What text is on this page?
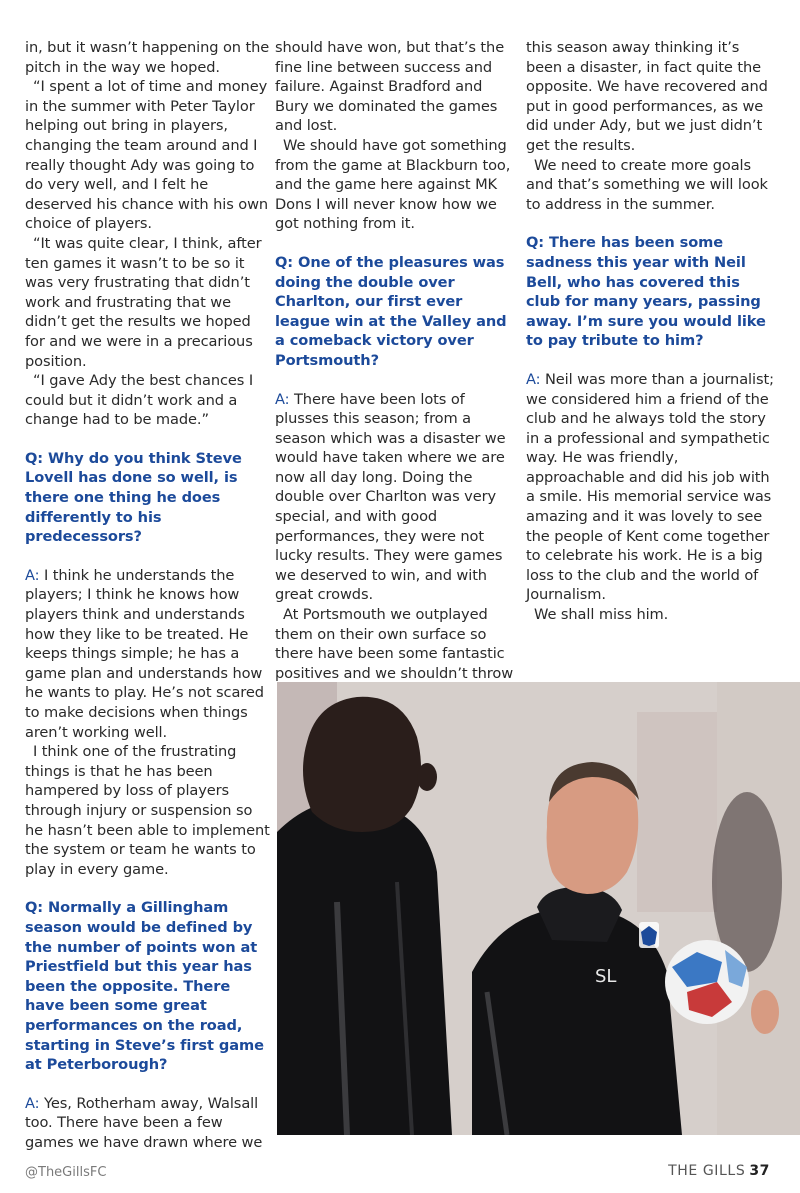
in, but it wasn’t happening on the pitch in the way we hoped.

“I spent a lot of time and money in the summer with Peter Taylor helping out bring in players, changing the team around and I really thought Ady was going to do very well, and I felt he deserved his chance with his own choice of players.

“It was quite clear, I think, after ten games it wasn’t to be so it was very frustrating that didn’t work and frustrating that we didn’t get the results we hoped for and we were in a precarious position.

“I gave Ady the best chances I could but it didn’t work and a change had to be made.”

Q: Why do you think Steve Lovell has done so well, is there one thing he does differently to his predecessors?

A: I think he understands the players; I think he knows how players think and understands how they like to be treated. He keeps things simple; he has a game plan and understands how he wants to play. He’s not scared to make decisions when things aren’t working well.

I think one of the frustrating things is that he has been hampered by loss of players through injury or suspension so he hasn’t been able to implement the system or team he wants to play in every game.

Q: Normally a Gillingham season would be defined by the number of points won at Priestfield but this year has been the opposite. There have been some great performances on the road, starting in Steve’s first game at Peterborough?

A: Yes, Rotherham away, Walsall too. There have been a few games we have drawn where we

should have won, but that’s the fine line between success and failure. Against Bradford and Bury we dominated the games and lost.

We should have got something from the game at Blackburn too, and the game here against MK Dons I will never know how we got nothing from it.

Q: One of the pleasures was doing the double over Charlton, our first ever league win at the Valley and a comeback victory over Portsmouth?

A: There have been lots of plusses this season; from a season which was a disaster we would have taken where we are now all day long. Doing the double over Charlton was very special, and with good performances, they were not lucky results. They were games we deserved to win, and with great crowds.

At Portsmouth we outplayed them on their own surface so there have been some fantastic positives and we shouldn’t throw

this season away thinking it’s been a disaster, in fact quite the opposite. We have recovered and put in good performances, as we did under Ady, but we just didn’t get the results.

We need to create more goals and that’s something we will look to address in the summer.

Q: There has been some sadness this year with Neil Bell, who has covered this club for many years, passing away. I’m sure you would like to pay tribute to him?

A: Neil was more than a journalist; we considered him a friend of the club and he always told the story in a professional and sympathetic way. He was friendly, approachable and did his job with a smile. His memorial service was amazing and it was lovely to see the people of Kent come together to celebrate his work. He is a big loss to the club and the world of Journalism.

We shall miss him.

SL
@TheGillsFC	THE GILLS 37
